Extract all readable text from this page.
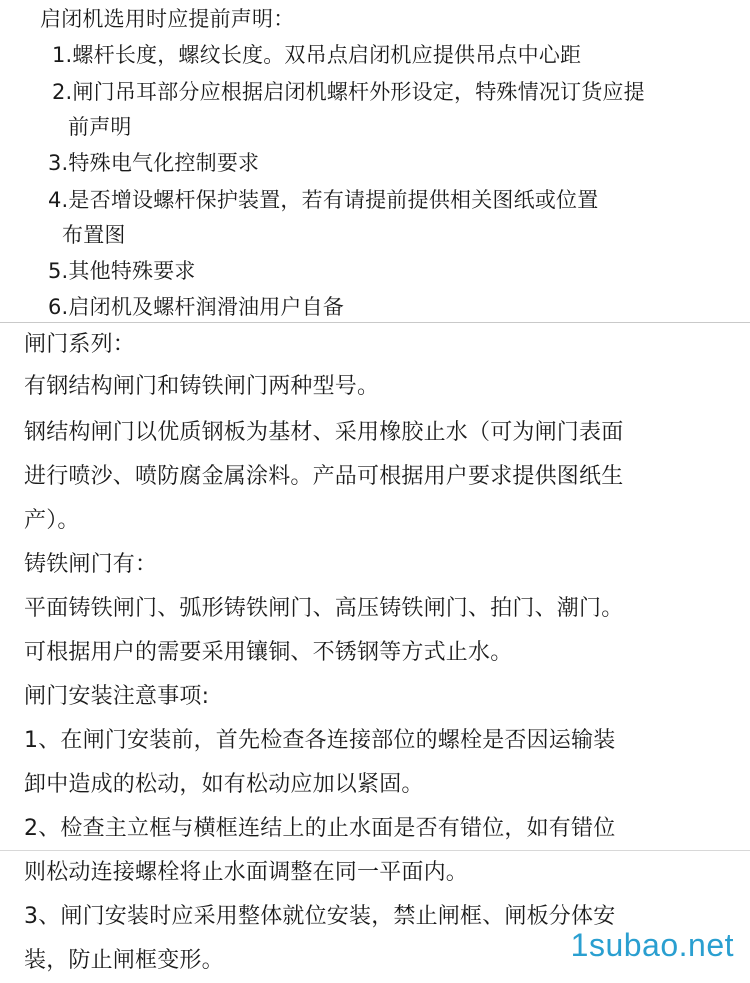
启闭机选用时应提前声明：
1.螺杆长度，螺纹长度。双吊点启闭机应提供吊点中心距
2.闸门吊耳部分应根据启闭机螺杆外形设定，特殊情况订货应提
前声明
3.特殊电气化控制要求
4.是否增设螺杆保护装置，若有请提前提供相关图纸或位置
布置图
5.其他特殊要求
6.启闭机及螺杆润滑油用户自备
闸门系列：
有钢结构闸门和铸铁闸门两种型号。
钢结构闸门以优质钢板为基材、采用橡胶止水（可为闸门表面
进行喷沙、喷防腐金属涂料。产品可根据用户要求提供图纸生
产）。
铸铁闸门有：
平面铸铁闸门、弧形铸铁闸门、高压铸铁闸门、拍门、潮门。
可根据用户的需要采用镶铜、不锈钢等方式止水。
闸门安装注意事项:
1、在闸门安装前，首先检查各连接部位的螺栓是否因运输装
卸中造成的松动，如有松动应加以紧固。
2、检查主立框与横框连结上的止水面是否有错位，如有错位
则松动连接螺栓将止水面调整在同一平面内。
3、闸门安装时应采用整体就位安装，禁止闸框、闸板分体安
装，防止闸框变形。	1subao.net
